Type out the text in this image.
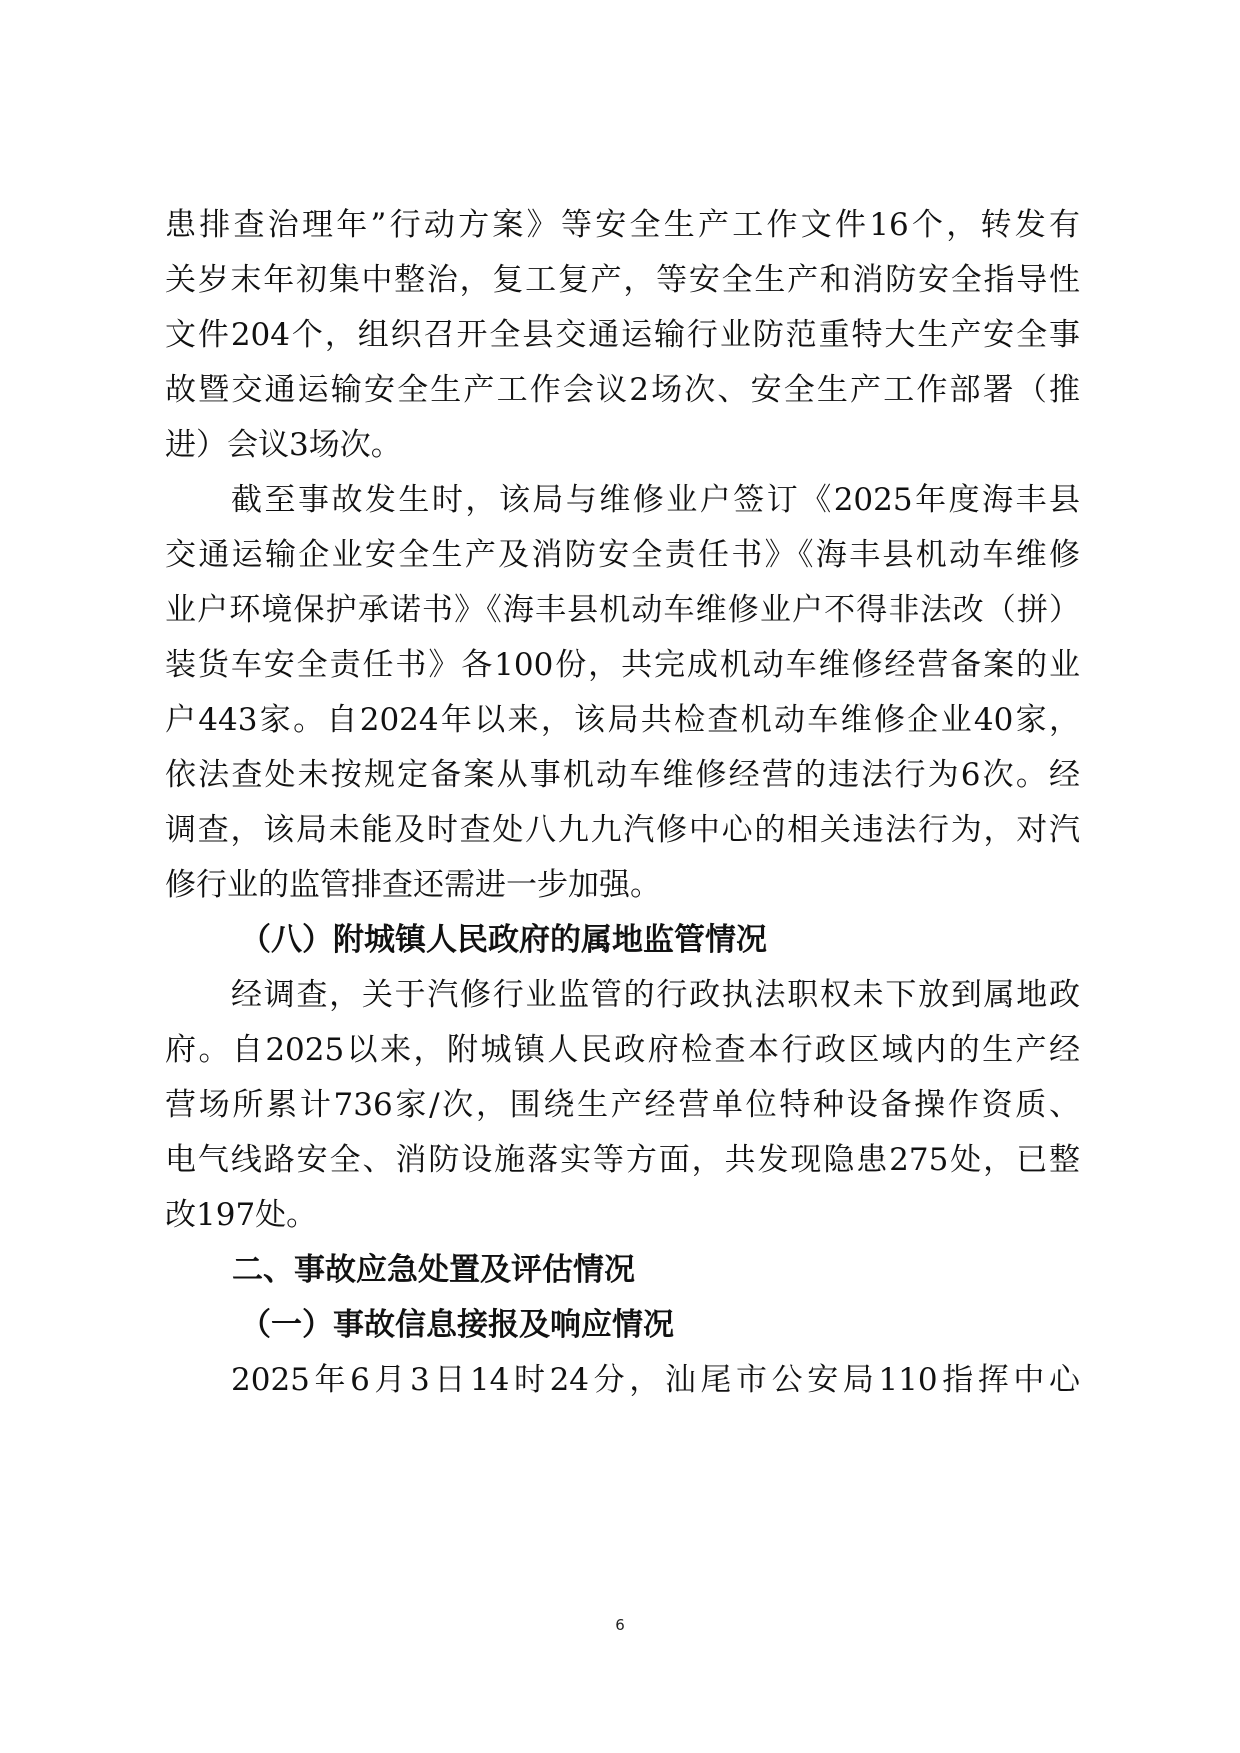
患排查治理年”行动方案》等安全生产工作文件16个，转发有
关岁末年初集中整治，复工复产，等安全生产和消防安全指导性
文件204个，组织召开全县交通运输行业防范重特大生产安全事
故暨交通运输安全生产工作会议2场次、安全生产工作部署（推
进）会议3场次。
截至事故发生时，该局与维修业户签订《2025年度海丰县
交通运输企业安全生产及消防安全责任书》《海丰县机动车维修
业户环境保护承诺书》《海丰县机动车维修业户不得非法改（拼）
装货车安全责任书》各100份，共完成机动车维修经营备案的业
户443家。自2024年以来，该局共检查机动车维修企业40家，
依法查处未按规定备案从事机动车维修经营的违法行为6次。经
调查，该局未能及时查处八九九汽修中心的相关违法行为，对汽
修行业的监管排查还需进一步加强。
（八）附城镇人民政府的属地监管情况
经调查，关于汽修行业监管的行政执法职权未下放到属地政
府。自2025以来，附城镇人民政府检查本行政区域内的生产经
营场所累计736家/次，围绕生产经营单位特种设备操作资质、
电气线路安全、消防设施落实等方面，共发现隐患275处，已整
改197处。
二、事故应急处置及评估情况
（一）事故信息接报及响应情况
2025年6月3日14时24分，汕尾市公安局110指挥中心
6
